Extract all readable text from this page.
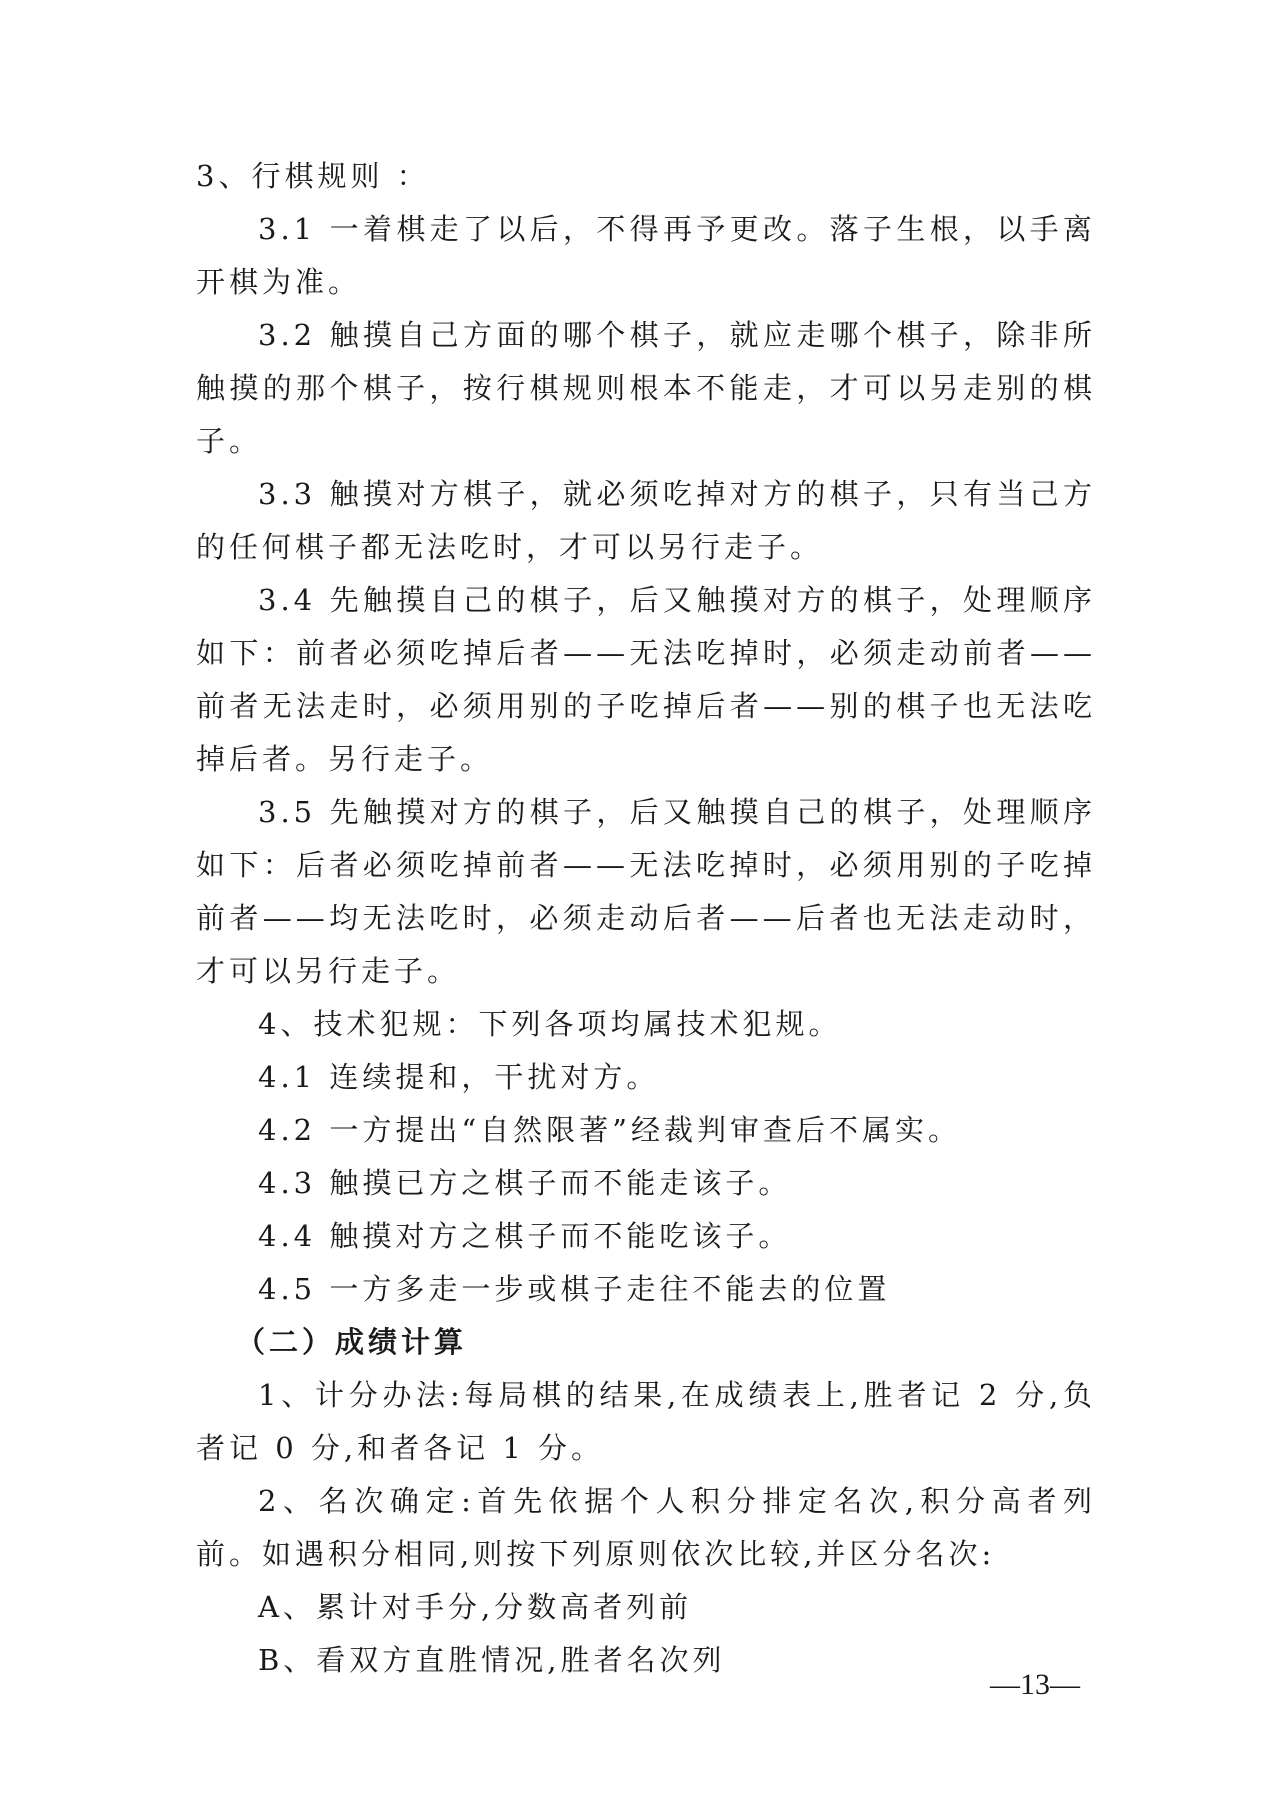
3、行棋规则 ：

3.1 一着棋走了以后，不得再予更改。落子生根，以手离开棋为准。

3.2 触摸自己方面的哪个棋子，就应走哪个棋子，除非所触摸的那个棋子，按行棋规则根本不能走，才可以另走别的棋子。

3.3 触摸对方棋子，就必须吃掉对方的棋子，只有当己方的任何棋子都无法吃时，才可以另行走子。

3.4 先触摸自己的棋子，后又触摸对方的棋子，处理顺序如下：前者必须吃掉后者——无法吃掉时，必须走动前者——前者无法走时，必须用别的子吃掉后者——别的棋子也无法吃掉后者。另行走子。

3.5 先触摸对方的棋子，后又触摸自己的棋子，处理顺序如下：后者必须吃掉前者——无法吃掉时，必须用别的子吃掉前者——均无法吃时，必须走动后者——后者也无法走动时，才可以另行走子。

4、技术犯规：下列各项均属技术犯规。

4.1 连续提和，干扰对方。

4.2 一方提出“自然限著”经裁判审查后不属实。

4.3 触摸已方之棋子而不能走该子。

4.4 触摸对方之棋子而不能吃该子。

4.5 一方多走一步或棋子走往不能去的位置

（二）成绩计算

1、计分办法:每局棋的结果,在成绩表上,胜者记 2 分,负者记 0 分,和者各记 1 分。

2、名次确定:首先依据个人积分排定名次,积分高者列前。如遇积分相同,则按下列原则依次比较,并区分名次:

A、累计对手分,分数高者列前

B、看双方直胜情况,胜者名次列

—13—
